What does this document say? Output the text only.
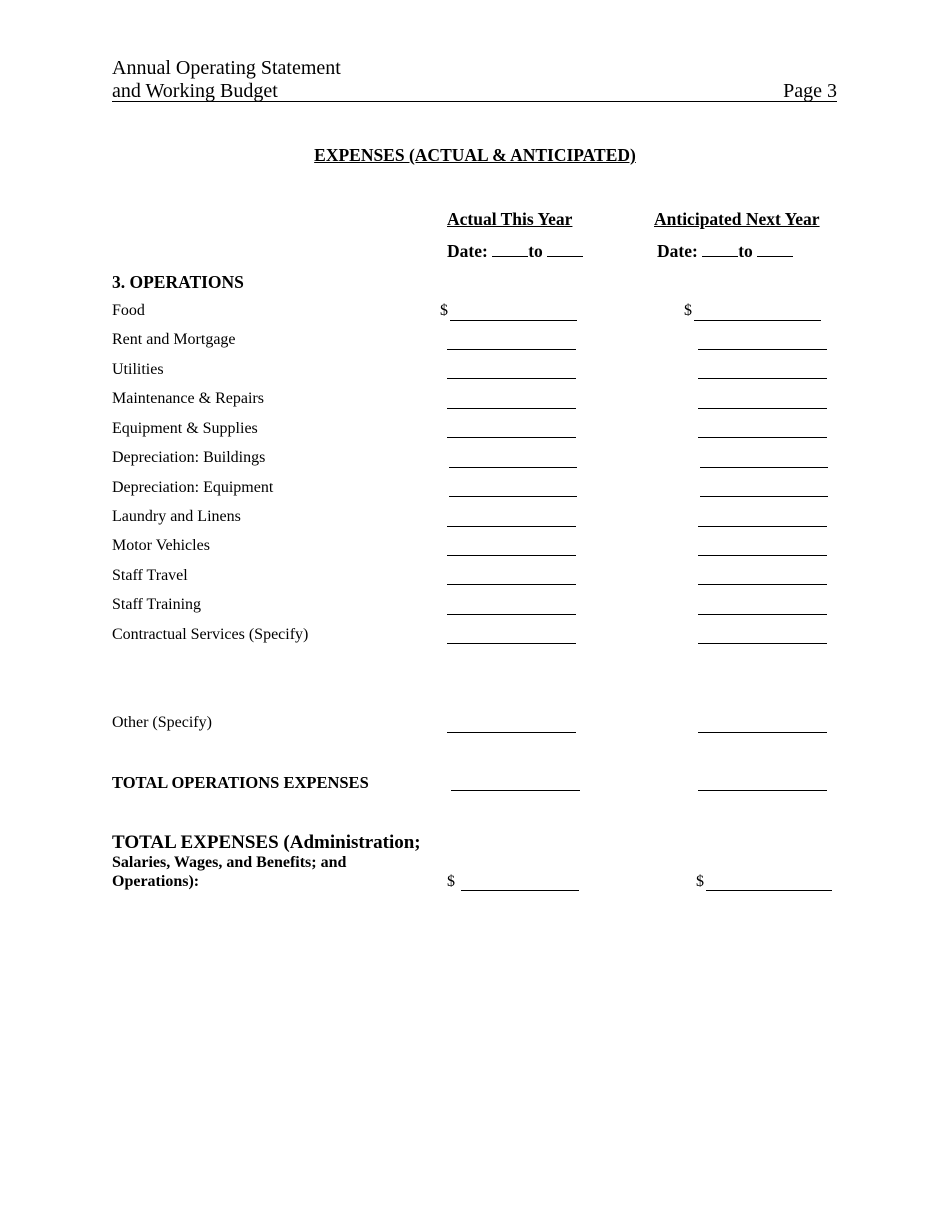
Annual Operating Statement
and Working Budget	Page 3
EXPENSES (ACTUAL & ANTICIPATED)
Actual This Year	Anticipated Next Year
Date: to	Date: to
3. OPERATIONS
Food	$	$
Rent and Mortgage
Utilities
Maintenance & Repairs
Equipment & Supplies
Depreciation: Buildings
Depreciation: Equipment
Laundry and Linens
Motor Vehicles
Staff Travel
Staff Training
Contractual Services (Specify)
Other (Specify)
TOTAL OPERATIONS EXPENSES
TOTAL EXPENSES (Administration;
Salaries, Wages, and Benefits; and
Operations):	$	$
